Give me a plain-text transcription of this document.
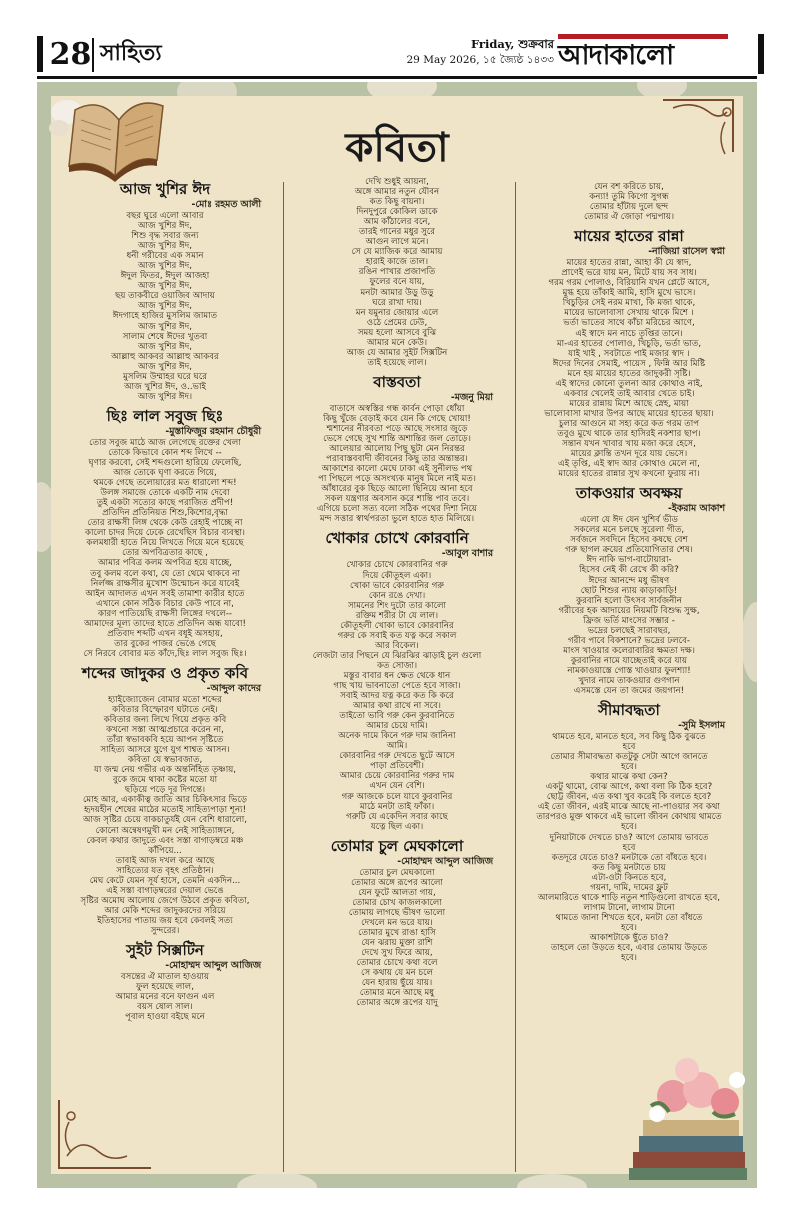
28 সাহিত্য	Friday, শুক্রবার
29 May 2026, ১৫ জ্যৈষ্ঠ ১৪৩৩ আদাকালো
কবিতা
আজ খুশির ঈদ
-মোঃ রহমত আলী
বছর ঘুরে এলো আবার
আজ খুশির ঈদ,
শিশু বৃদ্ধ সবার জন্য
আজ খুশির ঈদ,
ধনী গরীবের এক সমান
আজ খুশির ঈদ,
ঈদুল ফিতর, ঈদুল আজহা
আজ খুশির ঈদ,
ছয় তাকবীরে ওয়াজিব আদায়
আজ খুশির ঈদ,
ঈদগাহে হাজির মুসলিম জামাত
আজ খুশির ঈদ,
সালাম শেষে ঈদের খুতবা
আজ খুশির ঈদ,
আল্লাহু আকবর আল্লাহু আকবর
আজ খুশির ঈদ,
মুসলিম উম্মাহর ঘরে ঘরে
আজ খুশির ঈদ, ও..ভাই
আজ খুশির ঈদ।
ছিঃ লাল সবুজ ছিঃ
-মুস্তাফিজুর রহমান চৌধুরী
তোর সবুজ মাঠে আজ লেগেছে রক্তের খেলা
তোকে কিভাবে কোন শব্দ লিখে --
ঘৃণার করবো, সেই শব্দগুলো হারিয়ে ফেলেছি,
আজ তোকে ঘৃণা করতে গিয়ে,
থমকে গেছে তলোয়ারের মত ধারালো শব্দ!
উলঙ্গ সমাজে তোকে একটি নাম দেবো
তুই একটা সত্যের কাছে পরাজিত প্রদীপ!
প্রতিদিন প্রতিনিয়ত শিশু,কিশোর,বৃদ্ধা
তোর রাক্ষসী লিঙ্গ থেকে কেউ রেহাই পাচ্ছে না
কালো চাদর দিয়ে ঢেকে রেখেছিস বিচার ব্যবস্থা।
কলমধারী হাতে নিয়ে লিখতে গিয়ে মনে হয়েছে
তোর অপবিত্রতার কাছে ,
আমার পবিত্র কলম অপবিত্র হয়ে যাচ্ছে,
তবু কলম বলে কথা, যে তো থেমে থাকবে না
নির্লজ্জ রাক্ষসীর মুখোশ উন্মোচন করে যাবেই
আইন আদালত এখন সবই তামাশা কারীর হাতে
এখানে কোন সঠিক বিচার কেউ পাবে না,
কারণ পাতিয়েছি রাক্ষসী লিঙ্গের দখলে--
আমাদের মূল্য তাদের হাতে প্রতিদিন অন্ধ যাবো!
প্রতিবাদ শব্দটি এখন বধূই অসহায়,
তার বুকের পাজর ভেঙে গেছে
সে নিরবে বোবার মত কাঁদে,ছিঃ লাল সবুজ ছিঃ।
শব্দের জাদুকর ও প্রকৃত কবি
-আব্দুল কাদের
হ্যাইজ্যোজেন বোমার মতো শব্দের
কবিতার বিস্ফোরণ ঘটাতে নেই।
কবিতার জন্য লিখে গিয়ে প্রকৃত কবি
কখনো সস্তা আত্মপ্রচারে করেন না,
তাঁরা স্বভাবকবি হয়ে আপন সৃষ্টিতে
সাহিত্য আসরে যুগে যুগ শাশ্বত আসন।
কবিতা যে স্বভাবজাত,
যা জন্ম নেয় গভীর এক অন্তর্নিহিত তৃষ্ণায়,
বুকে জমে থাকা কষ্টের মতো যা
ছড়িয়ে পড়ে দূর দিগন্তে।
মোহ আর, একাকীত্ব জাতি আর চিকিৎসার ভিড়ে
হৃদয়হীন শেষের মাঠের মতোই সাহিত্যপাড়া শূন্য!
আজ সৃষ্টির চেয়ে বাকচাতুর্যই যেন বেশি ধারালো,
কোনো অন্বেষণমুখী মন নেই সাহিত্যাঙ্গনে,
কেবল কথার জাদুতে এবং সস্তা বাগাড়ম্বরে মঞ্চ
কাঁপিয়ে...
তাবাই আজ দখল করে আছে
সাহিত্যের যত বৃহৎ প্রতিষ্ঠান।
মেঘ কেটে যেমন সূর্য হাসে, তেমনি একদিন...
এই সস্তা বাগাড়ম্বরের দেয়াল ভেঙে
সৃষ্টির অমোঘ আলোয় জেগে উঠবে প্রকৃত কবিতা,
আর মেকি শব্দের জাদুকরদের সরিয়ে
ইতিহাসের পাতায় জয় হবে কেবলই সত্য
সুন্দরের।
সুইট সিক্সটিন
-মোহাম্মদ আব্দুল আজিজ
বসন্তের ঐ মাতাল হাওয়ায়
ফুল হয়েছে লাল,
আমার মনের বনে ফাগুন এল
বয়স ষোল সাল।
পূবাল হাওয়া বইছে মনে
দেখি শুধুই আয়না,
অঙ্গে আমার নতুন যৌবন
কত কিছু বায়না।
দিনদুপুরে কোকিল ডাকে
আম কাঁঠালের বনে,
তারই গানের মধুর সুরে
আগুন লাগে মনে।
সে যে ম্যাজিক করে আমায়
হারাই কাজে তাল।
রঙিন পাখার প্রজাপতি
ফুলের বনে যায়,
মনটা আমার উড়ু উড়ু
ঘরে রাখা দায়।
মন যমুনার জোয়ার এলে
ওঠে প্রেমের ঢেউ,
সময় হলো আসবে বুঝি
আমার মনে কেউ।
আজ যে আমার সুইট সিক্সটিন
তাই হয়েছে লাল।
বাস্তবতা
-মজনু মিয়া
বাতাসে অস্বস্তির গন্ধ কার্বন পোড়া ধোঁয়া
কিছু খুঁজে বেড়াই কবে যেন কি গেছে খোয়া!
শ্মশানের নীরবতা পড়ে আছে সংসার জুড়ে
ভেসে গেছে সুখ শান্তি অশান্তির জল তোড়ে।
আলেয়ার আলোয় পিছু ছুটা মেন নিরন্তর
পরাবাস্তববাদী জীবনের কিছু তার অন্তান্তর।
আকাশের কালো মেঘে ঢাকা এই সুনীলভ পথ
পা পিছলে পড়ে অসংখ্যক মানুষ মিলে নাই মত।
আঁধারের বুক ছিড়ে আলো ছিনিয়ে আনা হবে
সকল যন্ত্রণার অবসান করে শান্তি পাব তবে।
এগিয়ে চলো সত্য বলো সঠিক পথের দিশা নিয়ে
মন্দ সত্তার স্বার্থপরতা ভুলে হাতে হাত মিলিয়ে।
খোকার চোখে কোরবানি
-আবুল বাশার
খোকার চোখে কোরবানির গরু
দিয়ে কৌতূহল একা।
খোকা ভাবে কোরবানির গরু
কোন রঙে দেখা।
সামনের শিং দুটো তার কালো
রক্তিম শরীর টা যে লাল।
কৌতূহলী খোকা ভাবে কোরবানির
গরুর কে সবাই কত যত্ন করে সকাল
আর বিকেল।
লেজটা তার পিছনে যে ঝিরঝির ঝাড়াই চুল গুলো
কত সোজা।
মস্তুর বাবার ধন ক্ষেত থেকে ধান
গাছ খায় ভাবনাতো পেতে হবে সাজা।
সবাই আদর যত্ন করে কত কি করে
আমার কথা রাখে না সবে।
তাইতো ভাবি গরু কেন কুরবানিতে
আমার চেয়ে দামি।
অনেক দামে কিনে গরু দাম জানিনা
আমি।
কোরবানির গরু দেখতে ছুটে আসে
পাড়া প্রতিবেশী।
আমার চেয়ে কোরবানির গরুর দাম
এখন যেন বেশি।
গরু আজকে চলে যাবে কুরবানির
মাঠে মনটা তাই ফাঁকা।
গরুটি যে একেদিন সবার কাছে
যত্নে ছিল একা।
তোমার চুল মেঘকালো
-মোহাম্মদ আব্দুল আজিজ
তোমার চুল মেঘকালো
তোমার অঙ্গে রূপের আলো
যেন ফুটে আলতা গায়,
তোমার চোখ কাজলকালো
তোমায় লাগছে ভীষণ ভালো
দেখলে মন ভরে যায়।
তোমার মুখে রাঙা হাসি
যেন ঝরায় মুক্তা রাশি
দেখে সুখ ফিরে আয়,
তোমার চোখে কথা বলে
সে কথায় যে মন চলে
যেন হারায় ছুঁয়ে যায়।
তোমার মনে আছে মধু
তোমার অঙ্গে রূপের যাদু
যেন বশ করিতে চায়,
কন্যা! তুমি কিগো সুগন্ধ
তোমার হাঁটায় দুলে ছন্দ
তোমার ঐ জোড়া পদ্মপায়।
মায়ের হাতের রান্না
-নাজিয়া রাসেল স্বপ্না
মায়ের হাতের রান্না, আহা কী যে স্বাদ,
প্রাণেই ভরে যায় মন, মিটে যায় সব সাধ।
গরম গরম পোলাও, বিরিয়ানি যখন প্লেটে আসে,
মুগ্ধ হয়ে তাঁকাই আমি, হাসি মুখে ভাসে।
খিচুড়ির সেই নরম মাখা, কি মজা থাকে,
মায়ের ভালোবাসা সেখায় থাকে মিশে ।
ভর্তা ভাতের সাথে কাঁচা মরিচের আণে,
এই স্বাদে মন নাচে তৃপ্তির তানে।
মা-এর হাতের পোলাও, খিচুড়ি, ভর্তা ভাত,
যাই খাই , সবটাতে পাই মজার স্বাদ ।
ঈদের দিনের সেমাই, পায়েস , ফিন্নি আর মিষ্টি
মনে হয় মায়ের হাতের জাদুকরী সৃষ্টি।
এই স্বাদের কোনো তুলনা আর কোথাও নাই,
একবার খেলেই তাই আবার খেতে চাই।
মায়ের রান্নায় মিশে আছে স্নেহ, মায়া
ভালোবাসা মাখার উপর আছে মায়ের হাতের ছায়া।
চুলার আগুনে মা সহ্য করে কত গরম তাপ
তবুও মুখে থাকে তার হাসিরই নকশার ছাপ।
সন্তান যখন খাবার খায় মজা করে হেসে,
মায়ের ক্লান্তি তখন দূরে যায় ভেসে।
এই তৃপ্তি, এই স্বাদ আর কোথাও মেলে না,
মায়ের হাতের রান্নার সুখ কখনো ফুরায় না।
তাকওয়ার অবক্ষয়
-ইকরাম আকাশ
এলো যে ঈদ যেন খুশির্ব ভীড
সকলের মনে চলছে সুরেলা গীত,
সর্বজনে সবদিনে হিসেব কষছে বেশ
গরু ছাগল ক্রয়ের প্রতিযোগিতার শেষ।
ঈদ নাকি ভাগ-বাটোয়ারা-
হিসেব নেই কী রেখে কী করি?
ঈদের আনন্দে মধু ভীষণ
ছোট শিশুর ন্যায় কাড়াকাড়ি!
কুরবানি হলো উৎসব সার্বজনীন
গরীবের হক আদায়ের নিয়মটি বিশুদ্ধ সুক্ষ,
ফ্রিজ ভর্তি মাংসের সম্ভার -
ভদ্রের চলছেই সারাবছর,
গরীব পাবে বিকশানে? ভদ্রের ঢলবে-
মাংস খাওয়ার কলেরাবারির ক্ষমতা দক্ষ।
কুরবানির নামে যাচ্ছেতাই করে যায়
নামকাওয়াস্তে গোস্ত খাওয়ার ফুলশ্যা!
খুদার নামে তাকওয়ার গুণগান
এসমস্তে যেন তা জমের জয়গান!
সীমাবদ্ধতা
-সুমি ইসলাম
থামতে হবে, মানতে হবে, সব কিছু ঠিক বুঝতে
হবে
তোমার সীমাবদ্ধতা কতটুকু সেটা আগে জানতে
হবে।
কথার মাঝে কথা কেন?
একটু থামো, বোঝ আগে, কথা বলা কি ঠিক হবে?
ছোট্ট জীবন, এত কথা খুব করেই কি বলতে হবে?
এই তো জীবন, এরই মাঝে আছে না-পাওয়ার সব কথা
তারপরও মুক্ত থাকবে এই ভালো জীবন কোথায় থামতে
হবে।
দুনিয়াটাকে দেখতে চাও? আগে তোমায় ভাবতে
হবে
কতদূরে যেতে চাও? মনটাকে তো বাঁধতে হবে।
কত কিছু মনটাতে চায়
এটা-ওটা কিনতে হবে,
গয়না, দামি, দামের ফ্লুট
আলমারিতে থাকে শাড়ি নতুন শাড়িগুলো রাখতে হবে,
লাগাম টানো, লাগাম টানো
থামতে জানা শিখতে হবে, মনটা তো বাঁধতে
হবে।
আকাশটাকে ছুঁতে চাও?
তাহলে তো উড়তে হবে, এবার তোমায় উড়তে
হবে।
